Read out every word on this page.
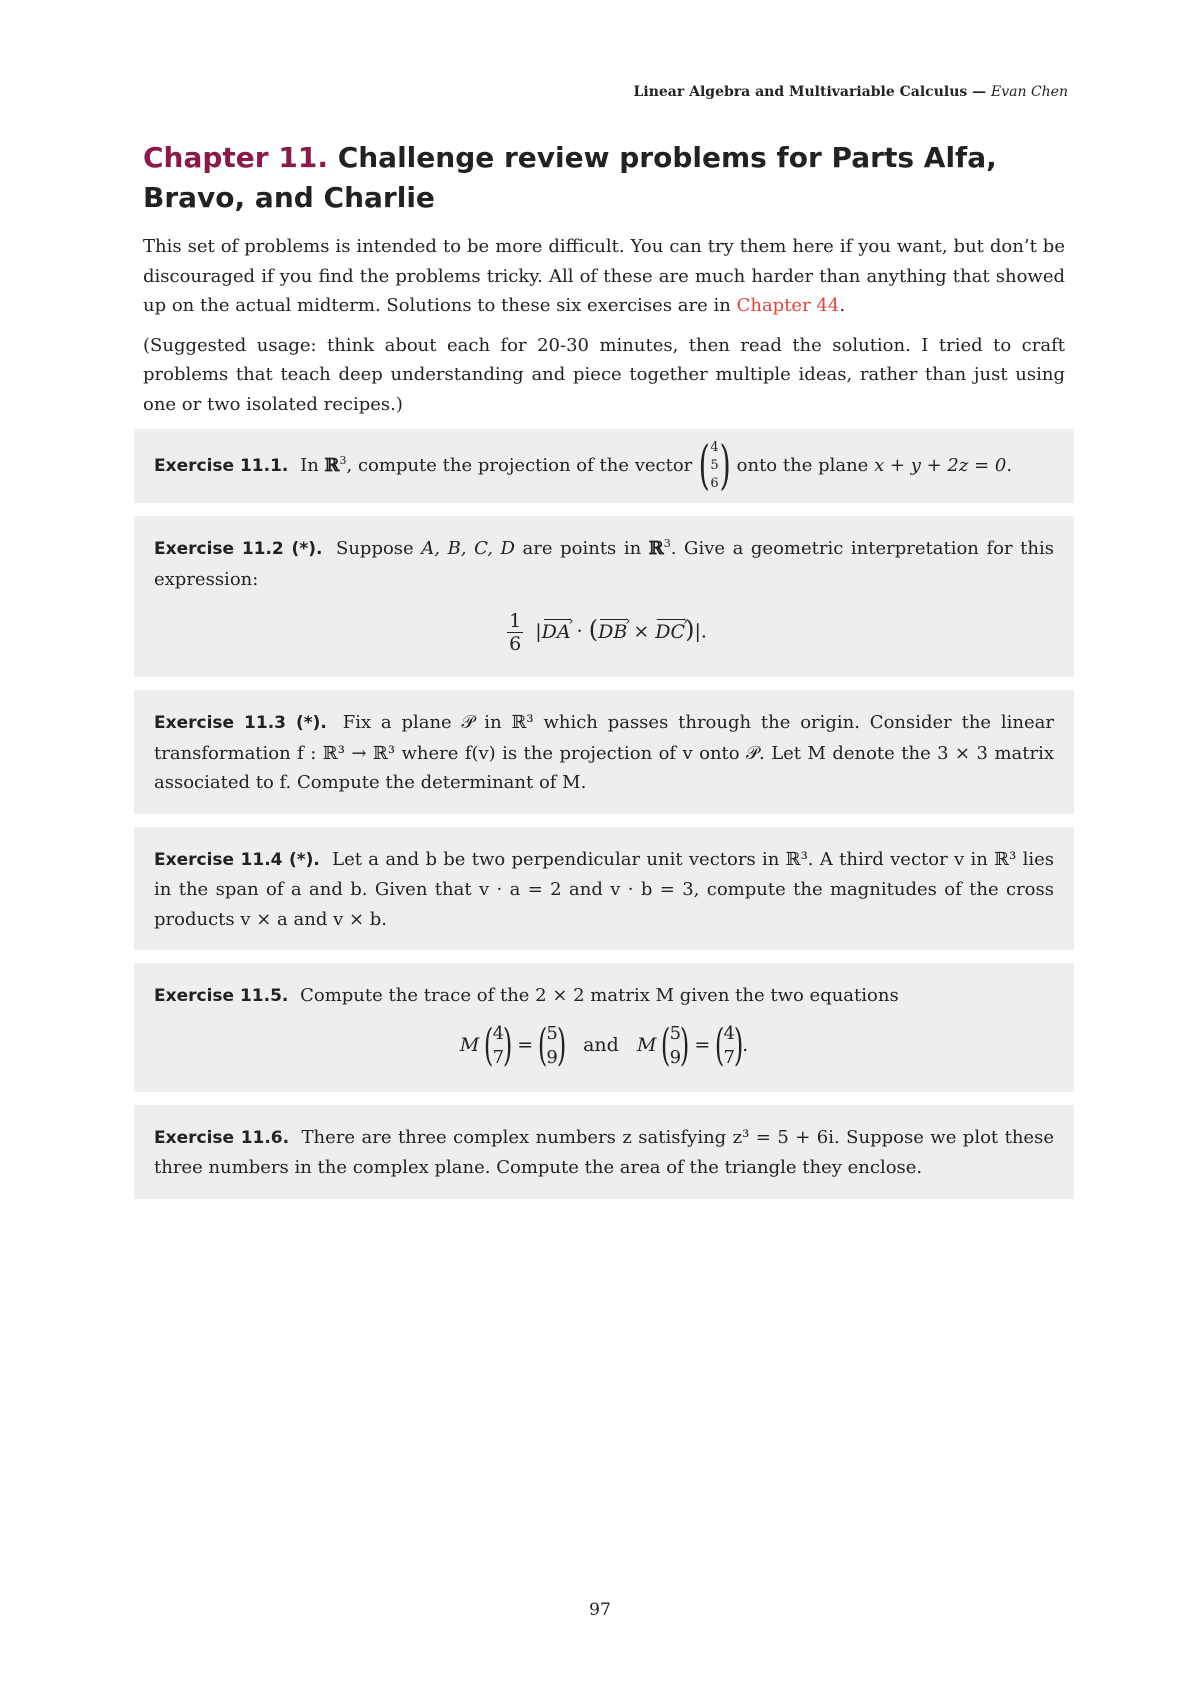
Linear Algebra and Multivariable Calculus — Evan Chen
Chapter 11. Challenge review problems for Parts Alfa, Bravo, and Charlie

This set of problems is intended to be more difficult. You can try them here if you want, but don’t be discouraged if you find the problems tricky. All of these are much harder than anything that showed up on the actual midterm. Solutions to these six exercises are in Chapter 44.

(Suggested usage: think about each for 20-30 minutes, then read the solution. I tried to craft problems that teach deep understanding and piece together multiple ideas, rather than just using one or two isolated recipes.)

Exercise 11.1. In ℝ$^3$, compute the projection of the vector ( 4
5
6 ) onto the plane x + y + 2z = 0.
Exercise 11.2 (*). Suppose A, B, C, D are points in ℝ$^3$. Give a geometric interpretation for this expression:
$\frac{1}{6} |DA$ › · (DB › × DC ›)|.
Exercise 11.3 (*). Fix a plane 𝒫 in ℝ³ which passes through the origin. Consider the linear transformation f : ℝ³ → ℝ³ where f(v) is the projection of v onto 𝒫. Let M denote the 3 × 3 matrix associated to f. Compute the determinant of M.
Exercise 11.4 (*). Let a and b be two perpendicular unit vectors in ℝ³. A third vector v in ℝ³ lies in the span of a and b. Given that v · a = 2 and v · b = 3, compute the magnitudes of the cross products v × a and v × b.
Exercise 11.5. Compute the trace of the 2 × 2 matrix M given the two equations
M (
4
7
)
=
(
5
9
) and M (
5
9
)
=
(
4
7
)
.
Exercise 11.6. There are three complex numbers z satisfying z³ = 5 + 6i. Suppose we plot these three numbers in the complex plane. Compute the area of the triangle they enclose.
97
